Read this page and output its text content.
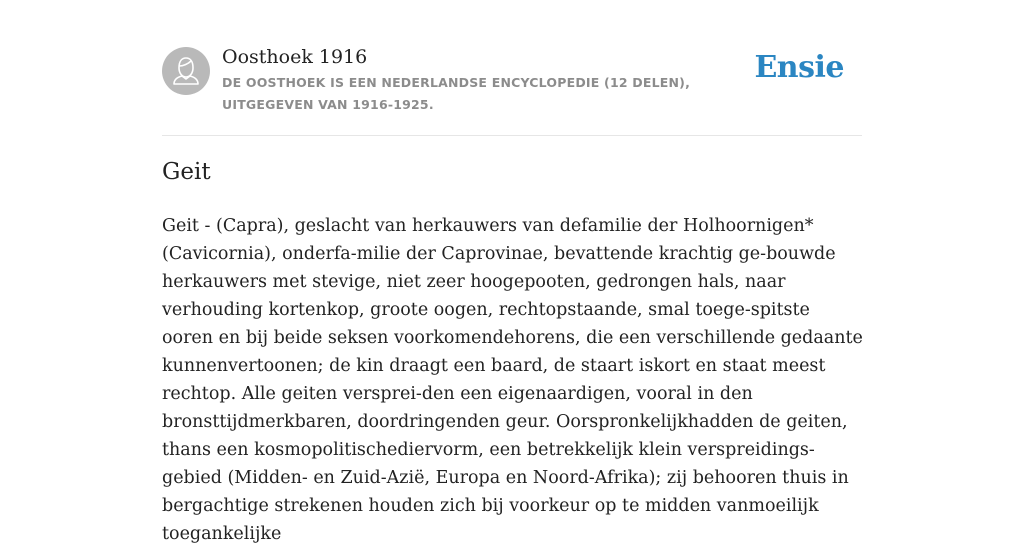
Oosthoek 1916
DE OOSTHOEK IS EEN NEDERLANDSE ENCYCLOPEDIE (12 DELEN), UITGEGEVEN VAN 1916-1925.
Ensie
Geit

Geit - (Capra), geslacht van herkauwers van defamilie der Holhoornigen* (Cavicornia), onderfa-milie der Caprovinae, bevattende krachtig ge-bouwde herkauwers met stevige, niet zeer hoogepooten, gedrongen hals, naar verhouding kortenkop, groote oogen, rechtopstaande, smal toege-spitste ooren en bij beide seksen voorkomendehorens, die een verschillende gedaante kunnenvertoonen; de kin draagt een baard, de staart iskort en staat meest rechtop. Alle geiten versprei-den een eigenaardigen, vooral in den bronsttijdmerkbaren, doordringenden geur. Oorspronkelijkhadden de geiten, thans een kosmopolitischediervorm, een betrekkelijk klein verspreidings-gebied (Midden- en Zuid-Azië, Europa en Noord-Afrika); zij behooren thuis in bergachtige strekenen houden zich bij voorkeur op te midden vanmoeilijk toegankelijke
